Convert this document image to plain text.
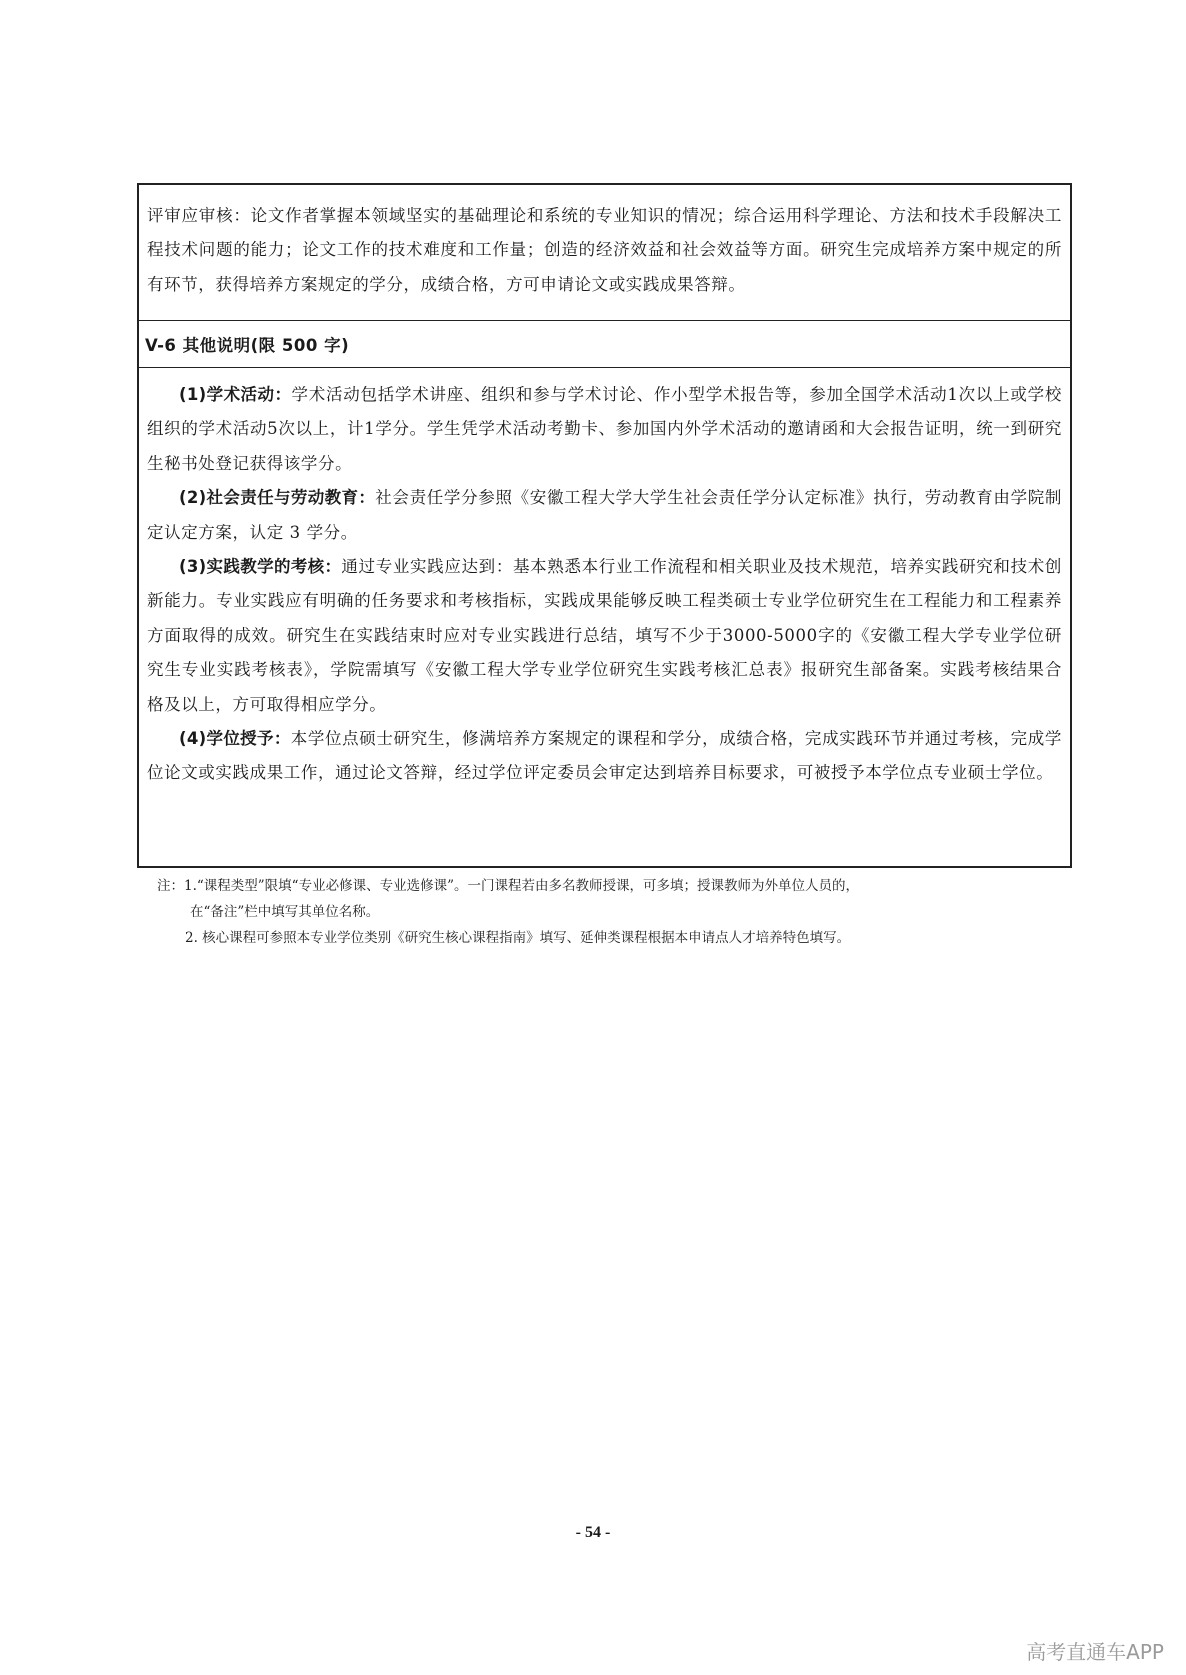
评审应审核：论文作者掌握本领域坚实的基础理论和系统的专业知识的情况；综合运用科学理论、方法和技术手段解决工程技术问题的能力；论文工作的技术难度和工作量；创造的经济效益和社会效益等方面。研究生完成培养方案中规定的所有环节，获得培养方案规定的学分，成绩合格，方可申请论文或实践成果答辩。

V-6 其他说明(限 500 字)

(1)学术活动：学术活动包括学术讲座、组织和参与学术讨论、作小型学术报告等，参加全国学术活动1次以上或学校组织的学术活动5次以上，计1学分。学生凭学术活动考勤卡、参加国内外学术活动的邀请函和大会报告证明，统一到研究生秘书处登记获得该学分。

(2)社会责任与劳动教育：社会责任学分参照《安徽工程大学大学生社会责任学分认定标准》执行，劳动教育由学院制定认定方案，认定 3 学分。

(3)实践教学的考核：通过专业实践应达到：基本熟悉本行业工作流程和相关职业及技术规范，培养实践研究和技术创新能力。专业实践应有明确的任务要求和考核指标，实践成果能够反映工程类硕士专业学位研究生在工程能力和工程素养方面取得的成效。研究生在实践结束时应对专业实践进行总结，填写不少于3000-5000字的《安徽工程大学专业学位研究生专业实践考核表》，学院需填写《安徽工程大学专业学位研究生实践考核汇总表》报研究生部备案。实践考核结果合格及以上，方可取得相应学分。

(4)学位授予：本学位点硕士研究生，修满培养方案规定的课程和学分，成绩合格，完成实践环节并通过考核，完成学位论文或实践成果工作，通过论文答辩，经过学位评定委员会审定达到培养目标要求，可被授予本学位点专业硕士学位。

注：1.“课程类型”限填“专业必修课、专业选修课”。一门课程若由多名教师授课，可多填；授课教师为外单位人员的，

在“备注”栏中填写其单位名称。

2. 核心课程可参照本专业学位类别《研究生核心课程指南》填写、延伸类课程根据本申请点人才培养特色填写。

- 54 -
高考直通车APP
